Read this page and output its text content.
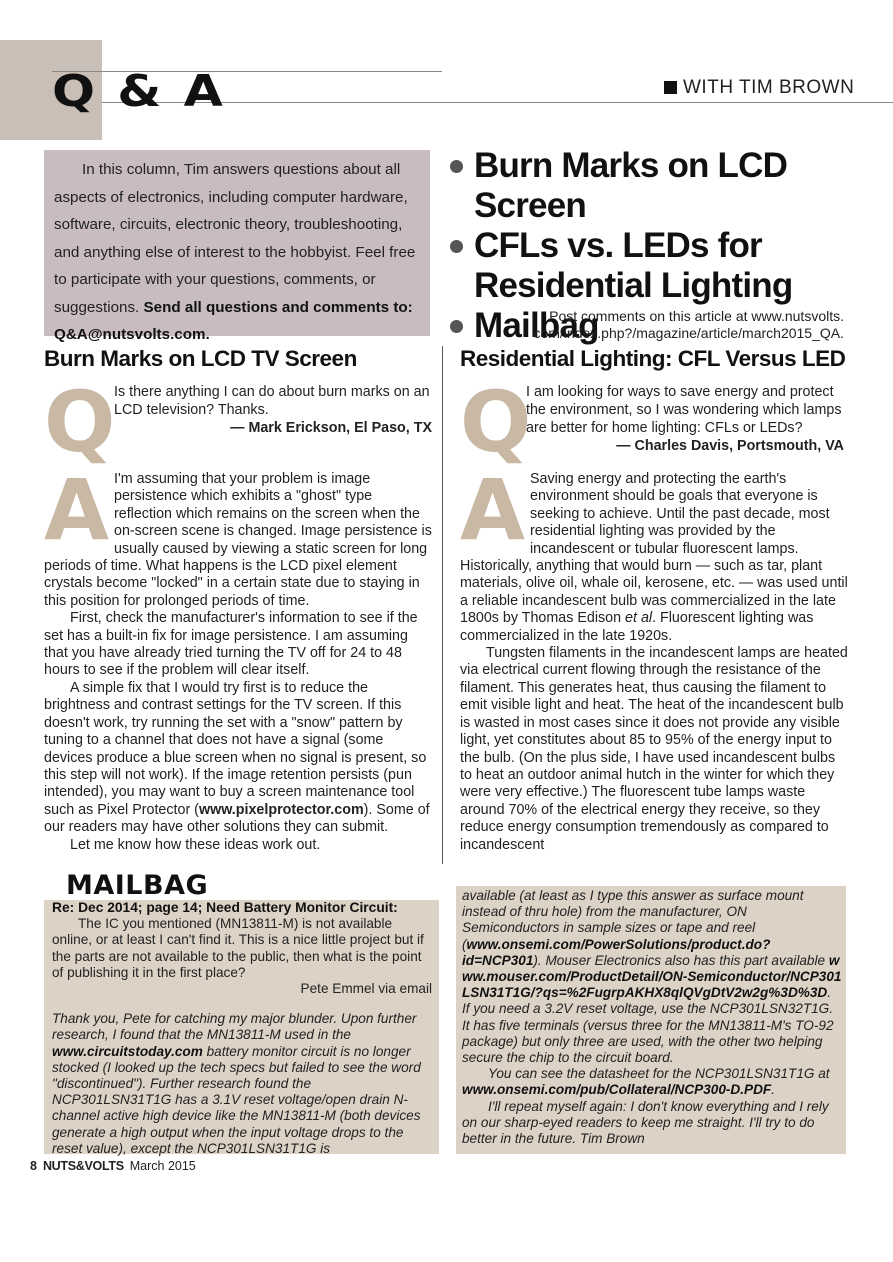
Q & A	WITH TIM BROWN

In this column, Tim answers questions about all aspects of electronics, including computer hardware, software, circuits, electronic theory, troubleshooting, and anything else of interest to the hobbyist. Feel free to participate with your questions, comments, or suggestions. Send all questions and comments to: Q&A@nutsvolts.com.

Burn Marks on LCD Screen
CFLs vs. LEDs for Residential Lighting
Mailbag
Post comments on this article at www.nutsvolts.
com/index.php?/magazine/article/march2015_QA.
Burn Marks on LCD TV Screen	Residential Lighting: CFL Versus LED
Q
Is there anything I can do about burn marks on an LCD television? Thanks.
— Mark Erickson, El Paso, TX
A I'm assuming that your problem is image persistence which exhibits a "ghost" type reflection which remains on the screen when the on-screen scene is changed. Image persistence is usually caused by viewing a static screen for long periods of time. What happens is the LCD pixel element crystals become "locked" in a certain state due to staying in this position for prolonged periods of time.

First, check the manufacturer's information to see if the set has a built-in fix for image persistence. I am assuming that you have already tried turning the TV off for 24 to 48 hours to see if the problem will clear itself.

A simple fix that I would try first is to reduce the brightness and contrast settings for the TV screen. If this doesn't work, try running the set with a "snow" pattern by tuning to a channel that does not have a signal (some devices produce a blue screen when no signal is present, so this step will not work). If the image retention persists (pun intended), you may want to buy a screen maintenance tool such as Pixel Protector (www.pixelprotector.com). Some of our readers may have other solutions they can submit.

Let me know how these ideas work out.

Q
I am looking for ways to save energy and protect the environment, so I was wondering which lamps are better for home lighting: CFLs or LEDs?
— Charles Davis, Portsmouth, VA
A Saving energy and protecting the earth's environment should be goals that everyone is seeking to achieve. Until the past decade, most residential lighting was provided by the incandescent or tubular fluorescent lamps. Historically, anything that would burn — such as tar, plant materials, olive oil, whale oil, kerosene, etc. — was used until a reliable incandescent bulb was commercialized in the late 1800s by Thomas Edison et al. Fluorescent lighting was commercialized in the late 1920s.

Tungsten filaments in the incandescent lamps are heated via electrical current flowing through the resistance of the filament. This generates heat, thus causing the filament to emit visible light and heat. The heat of the incandescent bulb is wasted in most cases since it does not provide any visible light, yet constitutes about 85 to 95% of the energy input to the bulb. (On the plus side, I have used incandescent bulbs to heat an outdoor animal hutch in the winter for which they were very effective.) The fluorescent tube lamps waste around 70% of the electrical energy they receive, so they reduce energy consumption tremendously as compared to incandescent

MAILBAG
Re: Dec 2014; page 14; Need Battery Monitor Circuit:

The IC you mentioned (MN13811-M) is not available online, or at least I can't find it. This is a nice little project but if the parts are not available to the public, then what is the point of publishing it in the first place?

Pete Emmel via email

Thank you, Pete for catching my major blunder. Upon further research, I found that the MN13811-M used in the www.circuitstoday.com battery monitor circuit is no longer stocked (I looked up the tech specs but failed to see the word "discontinued"). Further research found the NCP301LSN31T1G has a 3.1V reset voltage/open drain N-channel active high device like the MN13811-M (both devices generate a high output when the input voltage drops to the reset value), except the NCP301LSN31T1G is

available (at least as I type this answer as surface mount instead of thru hole) from the manufacturer, ON Semiconductors in sample sizes or tape and reel (www.onsemi.com/PowerSolutions/product.do?id=NCP301). Mouser Electronics also has this part available www.mouser.com/ProductDetail/ON-Semiconductor/NCP301LSN31T1G/?qs=%2FugrpAKHX8qlQVgDtV2w2g%3D%3D. If you need a 3.2V reset voltage, use the NCP301LSN32T1G. It has five terminals (versus three for the MN13811-M's TO-92 package) but only three are used, with the other two helping secure the chip to the circuit board.

You can see the datasheet for the NCP301LSN31T1G at www.onsemi.com/pub/Collateral/NCP300-D.PDF.

I'll repeat myself again: I don't know everything and I rely on our sharp-eyed readers to keep me straight. I'll try to do better in the future. Tim Brown

8 NUTS&VOLTS March 2015
